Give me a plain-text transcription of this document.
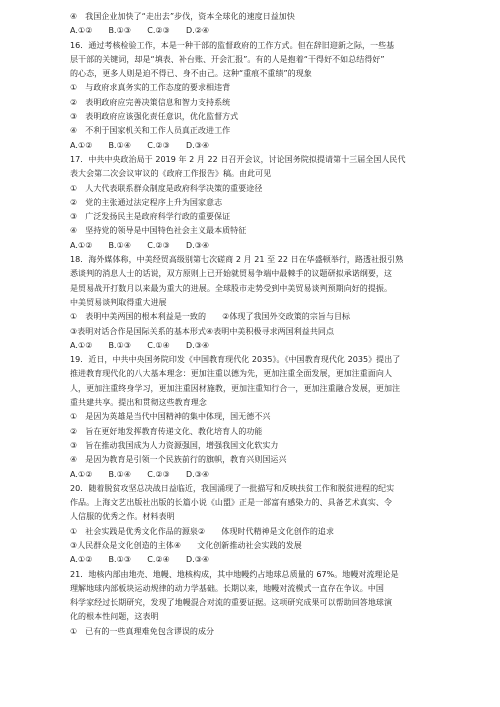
④　我国企业加快了“走出去”步伐，资本全球化的速度日益加快
A.①②　　B.①③　　C.②③　　D.②④
16．通过考核检验工作，本是一种干部的监督政府的工作方式。但在辞旧迎新之际，一些基
层干部的关键词，却是“填表、补台账、开会汇报”。有的人是抱着“干得好不如总结得好”
的心态，更多人则是迫不得已、身不由己。这种“重痕不重绩”的现象
①　与政府求真务实的工作态度的要求相违背
②　表明政府应完善决策信息和智力支持系统
③　表明政府应该强化责任意识，优化监督方式
④　不利于国家机关和工作人员真正改进工作
A.①②　　B.①④　　C.②③　　D.③④
17．中共中央政治局于 2019 年 2 月 22 日召开会议，讨论国务院拟提请第十三届全国人民代
表大会第二次会议审议的《政府工作报告》稿。由此可见
①　人大代表联系群众制度是政府科学决策的重要途径
②　党的主张通过法定程序上升为国家意志
③　广泛发扬民主是政府科学行政的重要保证
④　坚持党的领导是中国特色社会主义最本质特征
A.①②　　B.①④　　C.②③　　D.③④
18．海外媒体称，中美经贸高级别第七次磋商 2 月 21 至 22 日在华盛顿举行，路透社报引熟
悉谈判的消息人士的话说，双方原则上已开始就贸易争端中最棘手的议题研拟承诺纲要，这
是贸易战开打数月以来最为重大的进展。全球股市走势受到中美贸易谈判预期向好的提振。
中美贸易谈判取得重大进展
①　表明中美两国的根本利益是一致的　　②体现了我国外交政策的宗旨与目标
③表明对话合作是国际关系的基本形式④表明中美积极寻求两国利益共同点
A.①②　　B.①③　　C.①④　　D.③④
19．近日，中共中央国务院印发《中国教育现代化 2035》。《中国教育现代化 2035》提出了
推进教育现代化的八大基本理念：更加注重以德为先，更加注重全面发展，更加注重面向人
人，更加注重终身学习，更加注重因材施教，更加注重知行合一，更加注重融合发展，更加注
重共建共享。提出和贯彻这些教育理念
①　是因为英雄是当代中国精神的集中体现，国无德不兴
②　旨在更好地发挥教育传递文化、教化培育人的功能
③　旨在推动我国成为人力资源强国，增强我国文化软实力
④　是因为教育是引领一个民族前行的旗帜，教育兴则国运兴
A.①②　　B.①④　　C.②③　　D.③④
20．随着脱贫攻坚总决战日益临近，我国涌现了一批描写和反映扶贫工作和脱贫进程的纪实
作品。上海文艺出版社出版的长篇小说《山盟》正是一部富有感染力的、具备艺术真实、令
人信服的优秀之作。材料表明
①　社会实践是优秀文化作品的源泉②　　体现时代精神是文化创作的追求
③人民群众是文化创造的主体④　　文化创新推动社会实践的发展
A.①②　　B.①③　　C.②④　　D.③④
21．地核内部由地壳、地幔、地核构成，其中地幔约占地球总质量的 67%。地幔对流理论是
理解地球内部板块运动规律的动力学基础。长期以来，地幔对流模式一直存在争议。中国
科学家经过长期研究，发现了地幔混合对流的重要证据。这项研究成果可以帮助回答地球演
化的根本性问题，这表明
①　已有的一些真理难免包含谬误的成分
